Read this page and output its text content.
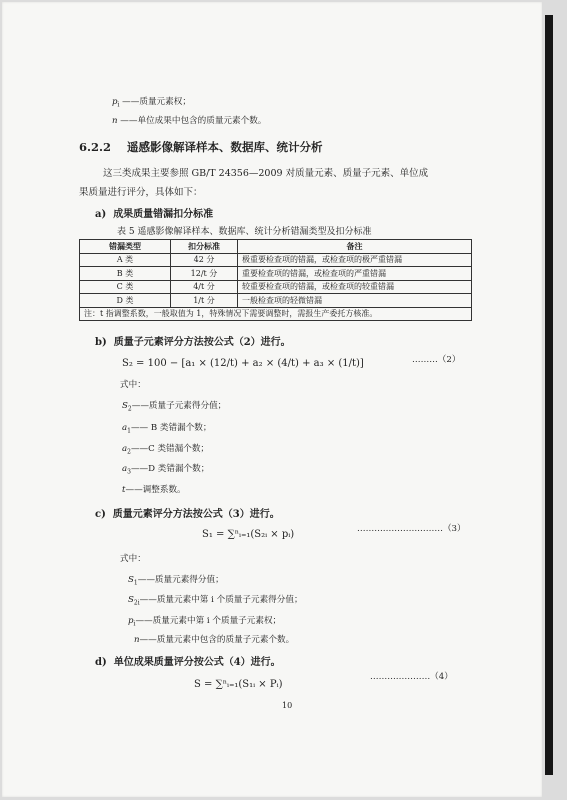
$p_i$ ——质量元素权；
n ——单位成果中包含的质量元素个数。
6.2.2 遥感影像解译样本、数据库、统计分析
这三类成果主要参照 GB/T 24356—2009 对质量元素、质量子元素、单位成
果质量进行评分，具体如下：
a) 成果质量错漏扣分标准
表 5 遥感影像解译样本、数据库、统计分析错漏类型及扣分标准
错漏类型	扣分标准	备注
A 类	42 分	极重要检查项的错漏，或检查项的极严重错漏
B 类	12/t 分	重要检查项的错漏，或检查项的严重错漏
C 类	4/t 分	较重要检查项的错漏，或检查项的较重错漏
D 类	1/t 分	一般检查项的轻微错漏
注：t 指调整系数，一般取值为 1，特殊情况下需要调整时，需报生产委托方核准。		
b) 质量子元素评分方法按公式（2）进行。
S₂ = 100 − [a₁ × (12/t) + a₂ × (4/t) + a₃ × (1/t)]	………（2）
式中：
$S_2——$质量子元素得分值；
$a_1——$ B 类错漏个数；
$a_2——C$ 类错漏个数；
$a_3——D$ 类错漏个数；
t——调整系数。
c) 质量元素评分方法按公式（3）进行。
S₁ = ∑ⁿᵢ₌₁(S₂ᵢ × pᵢ)	…………………………（3）
式中：
$S_1——$质量元素得分值；
$S_{2i}——$质量元素中第 i 个质量子元素得分值；
$p_i——$质量元素中第 i 个质量子元素权；
n——质量元素中包含的质量子元素个数。
d) 单位成果质量评分按公式（4）进行。
S = ∑ⁿᵢ₌₁(S₁ᵢ × Pᵢ)
…………………（4）
10
